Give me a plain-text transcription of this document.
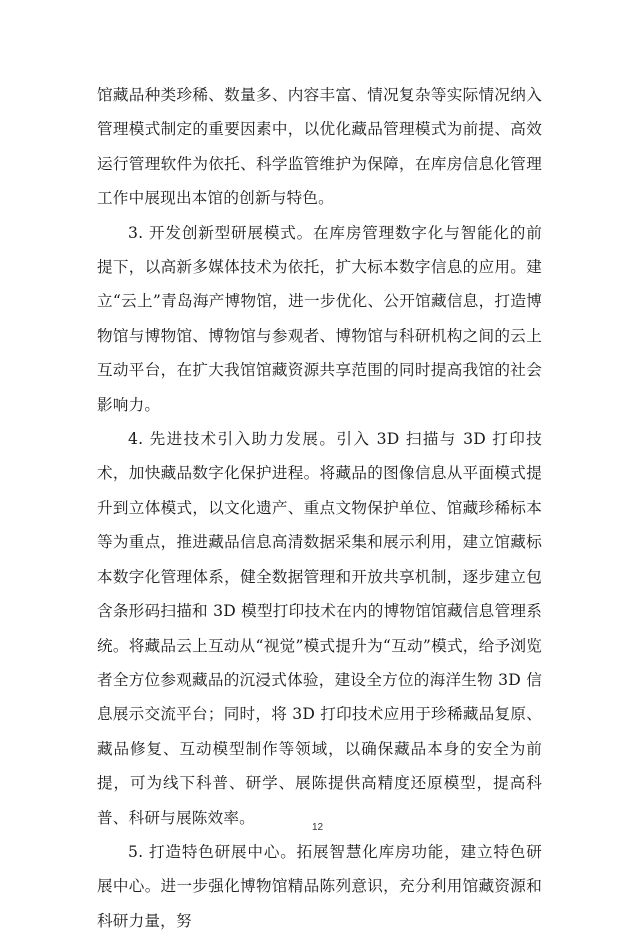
馆藏品种类珍稀、数量多、内容丰富、情况复杂等实际情况纳入管理模式制定的重要因素中，以优化藏品管理模式为前提、高效运行管理软件为依托、科学监管维护为保障，在库房信息化管理工作中展现出本馆的创新与特色。

3. 开发创新型研展模式。在库房管理数字化与智能化的前提下，以高新多媒体技术为依托，扩大标本数字信息的应用。建立“云上”青岛海产博物馆，进一步优化、公开馆藏信息，打造博物馆与博物馆、博物馆与参观者、博物馆与科研机构之间的云上互动平台，在扩大我馆馆藏资源共享范围的同时提高我馆的社会影响力。

4. 先进技术引入助力发展。引入 3D 扫描与 3D 打印技术，加快藏品数字化保护进程。将藏品的图像信息从平面模式提升到立体模式，以文化遗产、重点文物保护单位、馆藏珍稀标本等为重点，推进藏品信息高清数据采集和展示利用，建立馆藏标本数字化管理体系，健全数据管理和开放共享机制，逐步建立包含条形码扫描和 3D 模型打印技术在内的博物馆馆藏信息管理系统。将藏品云上互动从“视觉”模式提升为“互动”模式，给予浏览者全方位参观藏品的沉浸式体验，建设全方位的海洋生物 3D 信息展示交流平台；同时，将 3D 打印技术应用于珍稀藏品复原、藏品修复、互动模型制作等领域，以确保藏品本身的安全为前提，可为线下科普、研学、展陈提供高精度还原模型，提高科普、科研与展陈效率。

5. 打造特色研展中心。拓展智慧化库房功能，建立特色研展中心。进一步强化博物馆精品陈列意识，充分利用馆藏资源和科研力量，努

12
